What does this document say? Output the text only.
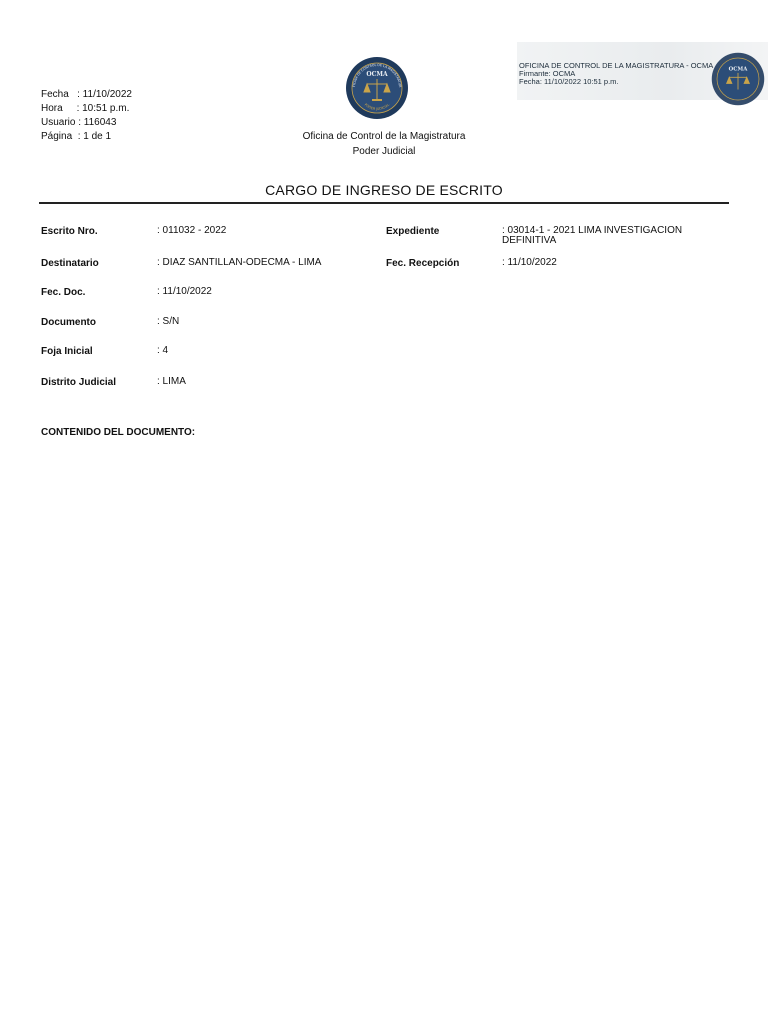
Fecha   : 11/10/2022
Hora     : 10:51 p.m.
Usuario : 116043
Página  : 1 de 1
FICINA DE CONTROL DE LA MAGISTRATUR
OCMA
PODER JUDICIAL
Oficina de Control de la Magistratura
Poder Judicial
OFICINA DE CONTROL DE LA MAGISTRATURA - OCMA
Firmante: OCMA
Fecha: 11/10/2022 10:51 p.m.
OCMA
CARGO DE INGRESO DE ESCRITO
Escrito Nro.	: 011032 - 2022	Expediente	: 03014-1 - 2021 LIMA INVESTIGACION
DEFINITIVA
Destinatario	: DIAZ SANTILLAN-ODECMA - LIMA	Fec. Recepción	: 11/10/2022
Fec. Doc.	: 11/10/2022
Documento	: S/N
Foja Inicial	: 4
Distrito Judicial	: LIMA
CONTENIDO DEL DOCUMENTO:
